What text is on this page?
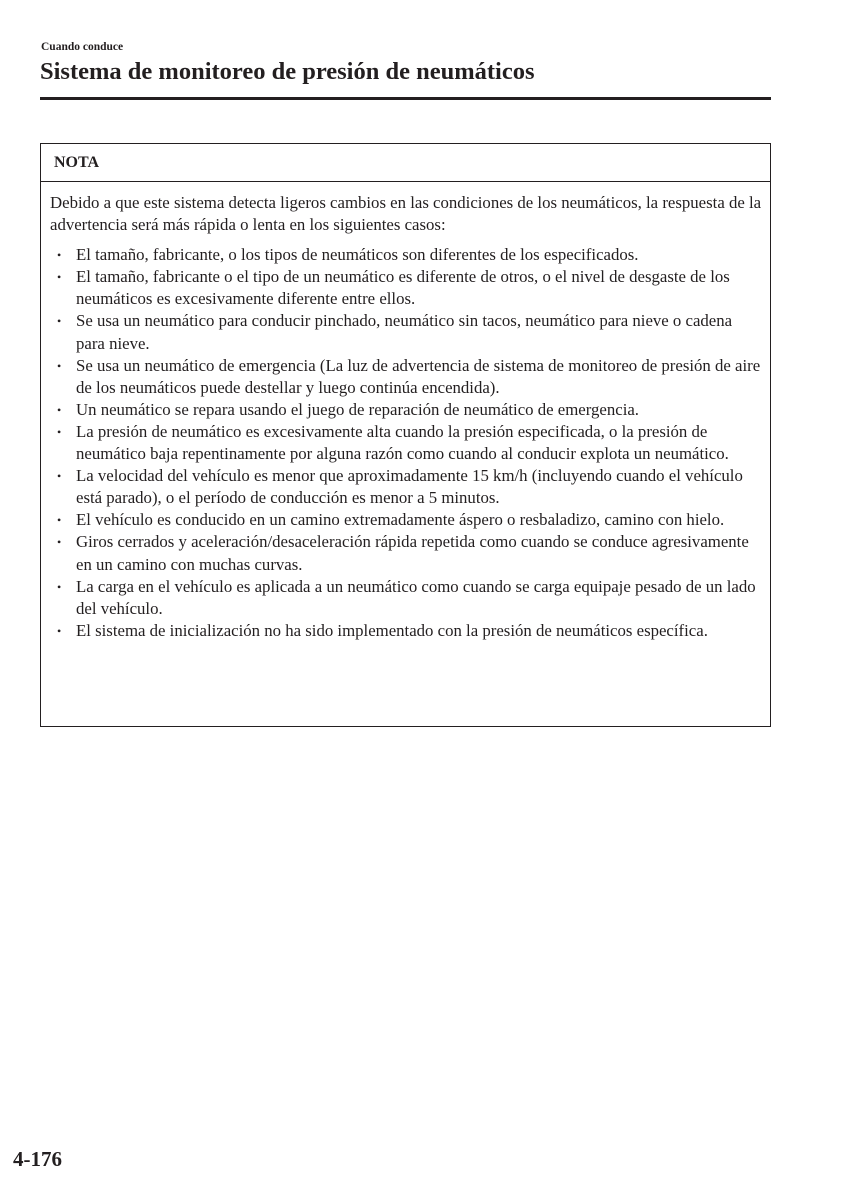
Cuando conduce
Sistema de monitoreo de presión de neumáticos
NOTA

Debido a que este sistema detecta ligeros cambios en las condiciones de los neumáticos, la respuesta de la advertencia será más rápida o lenta en los siguientes casos:

• El tamaño, fabricante, o los tipos de neumáticos son diferentes de los especificados.
• El tamaño, fabricante o el tipo de un neumático es diferente de otros, o el nivel de desgaste de los neumáticos es excesivamente diferente entre ellos.
• Se usa un neumático para conducir pinchado, neumático sin tacos, neumático para nieve o cadena para nieve.
• Se usa un neumático de emergencia (La luz de advertencia de sistema de monitoreo de presión de aire de los neumáticos puede destellar y luego continúa encendida).
• Un neumático se repara usando el juego de reparación de neumático de emergencia.
• La presión de neumático es excesivamente alta cuando la presión especificada, o la presión de neumático baja repentinamente por alguna razón como cuando al conducir explota un neumático.
• La velocidad del vehículo es menor que aproximadamente 15 km/h (incluyendo cuando el vehículo está parado), o el período de conducción es menor a 5 minutos.
• El vehículo es conducido en un camino extremadamente áspero o resbaladizo, camino con hielo.
• Giros cerrados y aceleración/desaceleración rápida repetida como cuando se conduce agresivamente en un camino con muchas curvas.
• La carga en el vehículo es aplicada a un neumático como cuando se carga equipaje pesado de un lado del vehículo.
• El sistema de inicialización no ha sido implementado con la presión de neumáticos específica.
4-176
